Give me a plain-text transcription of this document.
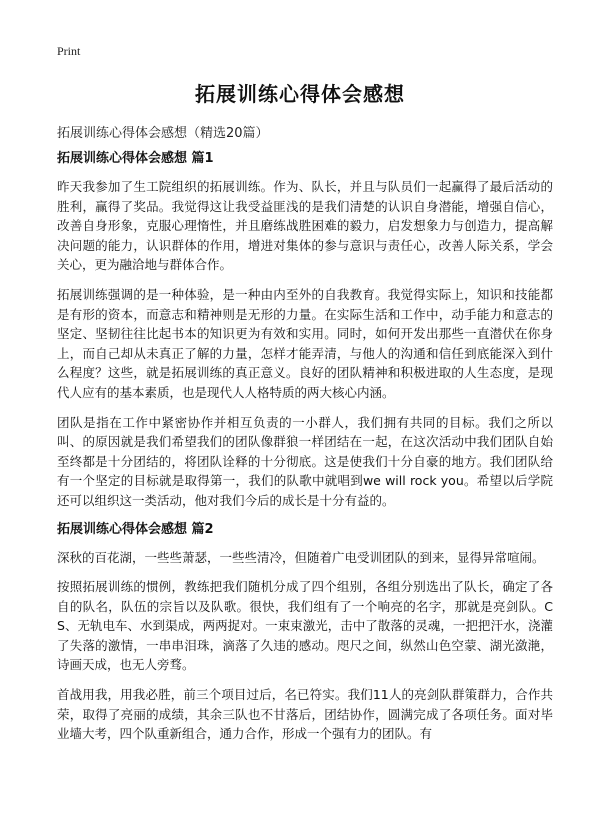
Print
拓展训练心得体会感想
拓展训练心得体会感想（精选20篇）
拓展训练心得体会感想 篇1

昨天我参加了生工院组织的拓展训练。作为、队长，并且与队员们一起赢得了最后活动的胜利，赢得了奖品。我觉得这让我受益匪浅的是我们清楚的认识自身潜能，增强自信心，改善自身形象，克服心理惰性，并且磨练战胜困难的毅力，启发想象力与创造力，提高解决问题的能力，认识群体的作用，增进对集体的参与意识与责任心，改善人际关系，学会关心，更为融洽地与群体合作。

拓展训练强调的是一种体验，是一种由内至外的自我教育。我觉得实际上，知识和技能都是有形的资本，而意志和精神则是无形的力量。在实际生活和工作中，动手能力和意志的坚定、坚韧往往比起书本的知识更为有效和实用。同时，如何开发出那些一直潜伏在你身上，而自己却从未真正了解的力量，怎样才能弄清，与他人的沟通和信任到底能深入到什么程度？这些，就是拓展训练的真正意义。良好的团队精神和积极进取的人生态度，是现代人应有的基本素质，也是现代人人格特质的两大核心内涵。

团队是指在工作中紧密协作并相互负责的一小群人，我们拥有共同的目标。我们之所以叫、的原因就是我们希望我们的团队像群狼一样团结在一起，在这次活动中我们团队自始至终都是十分团结的，将团队诠释的十分彻底。这是使我们十分自豪的地方。我们团队给有一个坚定的目标就是取得第一，我们的队歌中就唱到we will rock you。希望以后学院还可以组织这一类活动，他对我们今后的成长是十分有益的。

拓展训练心得体会感想 篇2

深秋的百花湖，一些些萧瑟，一些些清冷，但随着广电受训团队的到来，显得异常喧闹。

按照拓展训练的惯例，教练把我们随机分成了四个组别，各组分别选出了队长，确定了各自的队名，队伍的宗旨以及队歌。很快，我们组有了一个响亮的名字，那就是亮剑队。CS、无轨电车、水到渠成，两两捉对。一束束激光，击中了散落的灵魂，一把把汗水，浇灌了失落的激情，一串串泪珠，滴落了久违的感动。咫尺之间，纵然山色空蒙、湖光潋滟，诗画天成，也无人旁骛。

首战用我，用我必胜，前三个项目过后，名已符实。我们11人的亮剑队群策群力，合作共荣，取得了亮丽的成绩，其余三队也不甘落后，团结协作，圆满完成了各项任务。面对毕业墙大考，四个队重新组合，通力合作，形成一个强有力的团队。有
